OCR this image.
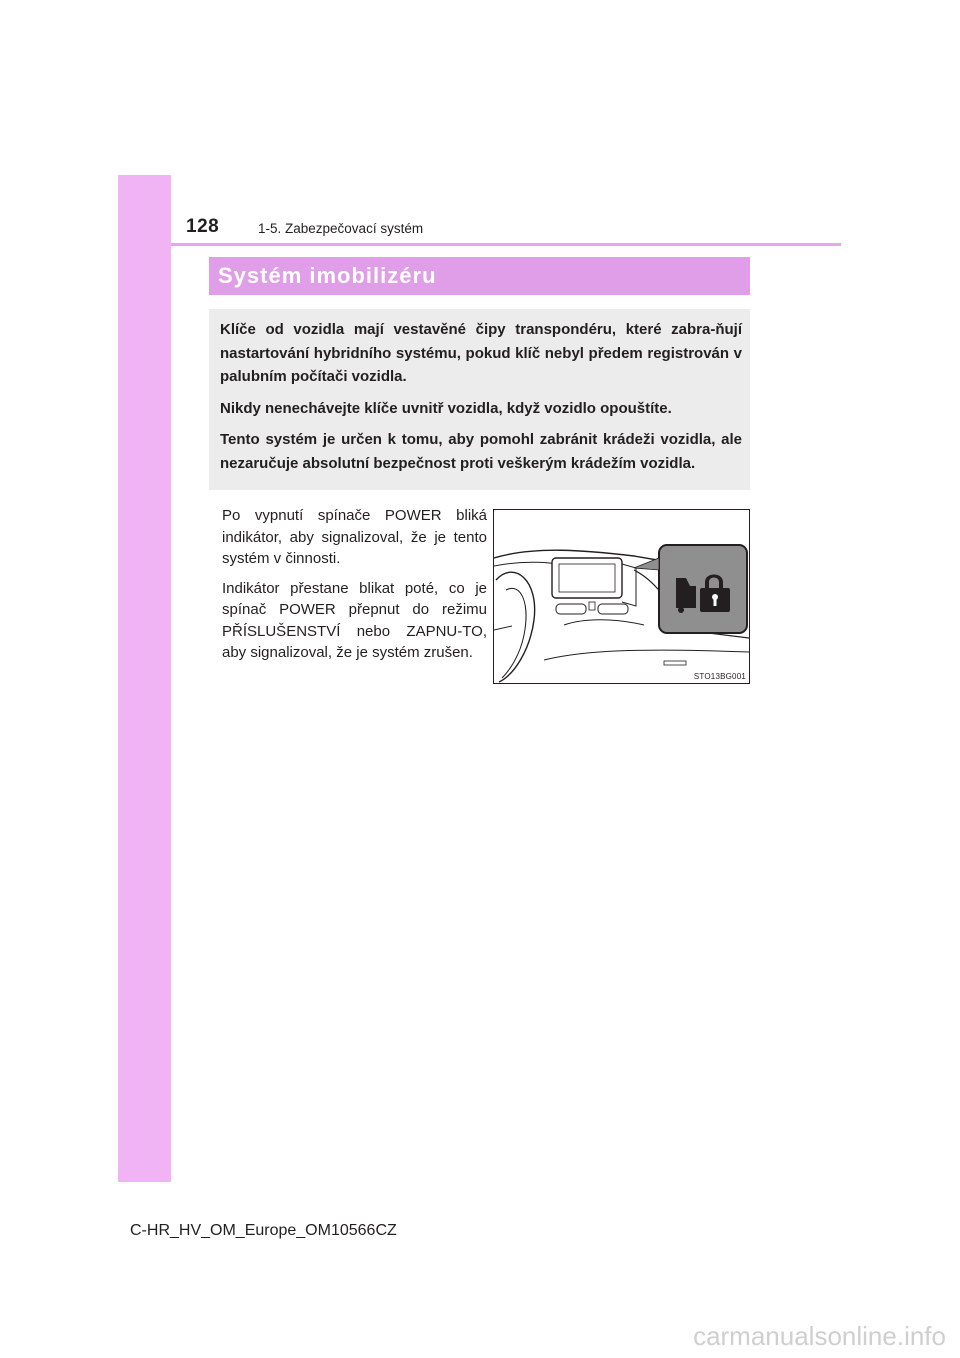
128	1-5. Zabezpečovací systém
Systém imobilizéru

Klíče od vozidla mají vestavěné čipy transpondéru, které zabra-ňují nastartování hybridního systému, pokud klíč nebyl předem registrován v palubním počítači vozidla.

Nikdy nenechávejte klíče uvnitř vozidla, když vozidlo opouštíte.

Tento systém je určen k tomu, aby pomohl zabránit krádeži vozidla, ale nezaručuje absolutní bezpečnost proti veškerým krádežím vozidla.

Po vypnutí spínače POWER bliká indikátor, aby signalizoval, že je tento systém v činnosti.

Indikátor přestane blikat poté, co je spínač POWER přepnut do režimu PŘÍSLUŠENSTVÍ nebo ZAPNU-TO, aby signalizoval, že je systém zrušen.

STO13BG001
C-HR_HV_OM_Europe_OM10566CZ
carmanualsonline.info
